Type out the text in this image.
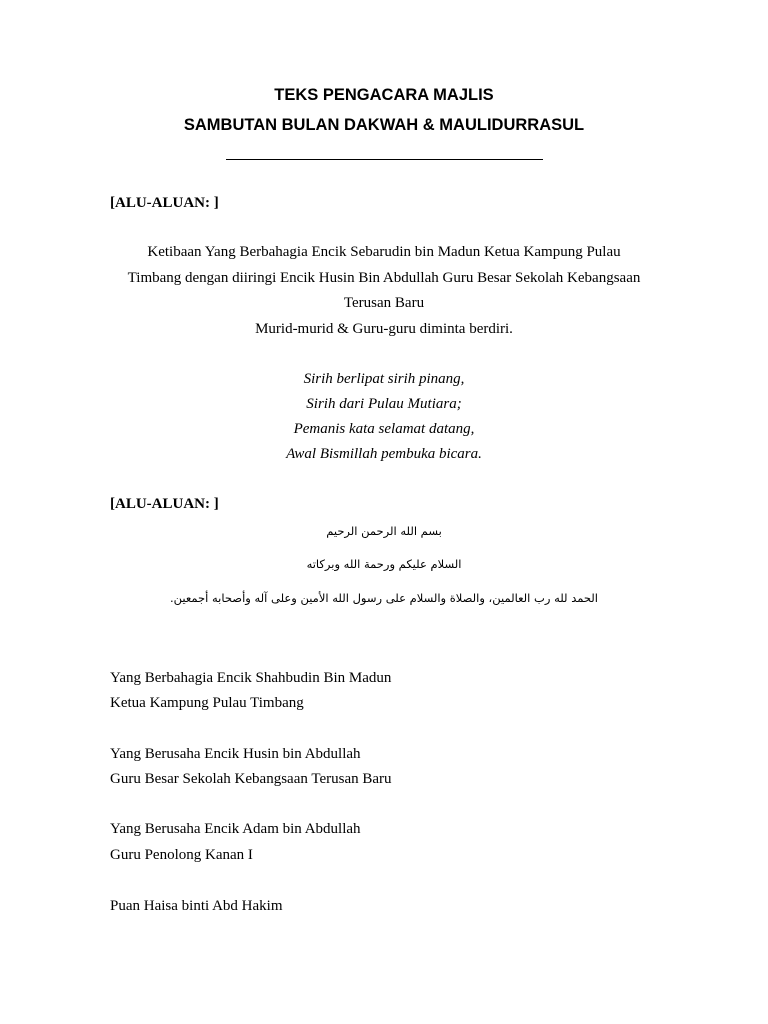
TEKS PENGACARA MAJLIS
SAMBUTAN BULAN DAKWAH & MAULIDURRASUL
[ALU-ALUAN: ]
Ketibaan Yang Berbahagia Encik Sebarudin bin Madun Ketua Kampung Pulau
Timbang dengan diiringi Encik Husin Bin Abdullah Guru Besar Sekolah Kebangsaan
Terusan Baru
Murid-murid & Guru-guru diminta berdiri.
Sirih berlipat sirih pinang,
Sirih dari Pulau Mutiara;
Pemanis kata selamat datang,
Awal Bismillah pembuka bicara.
[ALU-ALUAN: ]
بسم الله الرحمن الرحيم
السلام عليكم ورحمة الله وبركاته
الحمد لله رب العالمين، والصلاة والسلام على رسول الله الأمين وعلى آله وأصحابه أجمعين.
Yang Berbahagia Encik Shahbudin Bin Madun
Ketua Kampung Pulau Timbang
Yang Berusaha Encik Husin bin Abdullah
Guru Besar Sekolah Kebangsaan Terusan Baru
Yang Berusaha Encik Adam bin Abdullah
Guru Penolong Kanan I
Puan Haisa binti Abd Hakim
